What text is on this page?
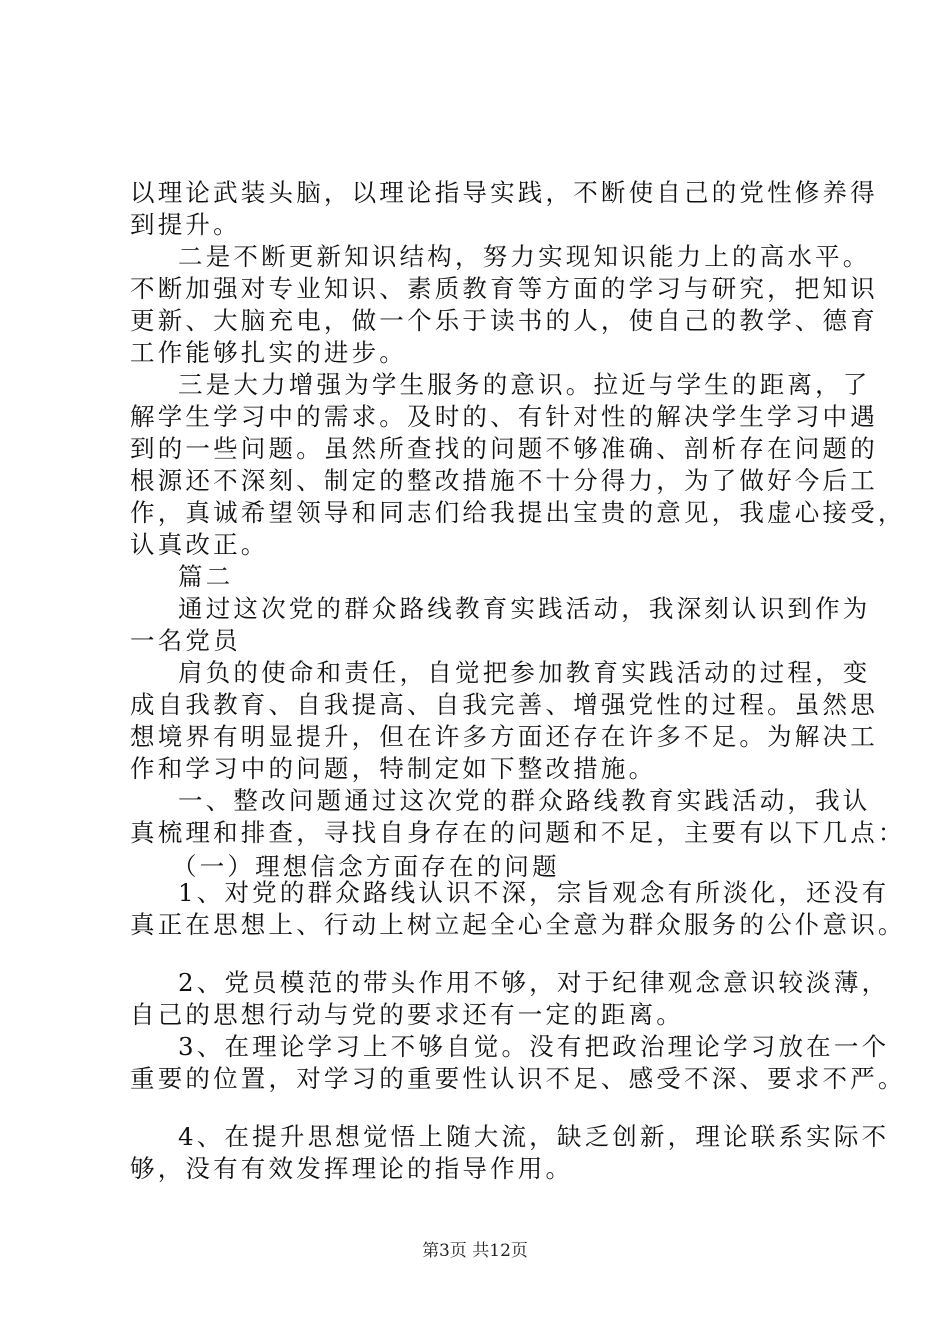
以理论武装头脑，以理论指导实践，不断使自己的党性修养得
到提升。
二是不断更新知识结构，努力实现知识能力上的高水平。
不断加强对专业知识、素质教育等方面的学习与研究，把知识
更新、大脑充电，做一个乐于读书的人，使自己的教学、德育
工作能够扎实的进步。
三是大力增强为学生服务的意识。拉近与学生的距离，了
解学生学习中的需求。及时的、有针对性的解决学生学习中遇
到的一些问题。虽然所查找的问题不够准确、剖析存在问题的
根源还不深刻、制定的整改措施不十分得力，为了做好今后工
作，真诚希望领导和同志们给我提出宝贵的意见，我虚心接受，
认真改正。
篇二
通过这次党的群众路线教育实践活动，我深刻认识到作为
一名党员
肩负的使命和责任，自觉把参加教育实践活动的过程，变
成自我教育、自我提高、自我完善、增强党性的过程。虽然思
想境界有明显提升，但在许多方面还存在许多不足。为解决工
作和学习中的问题，特制定如下整改措施。
一、整改问题通过这次党的群众路线教育实践活动，我认
真梳理和排查，寻找自身存在的问题和不足，主要有以下几点：
（一）理想信念方面存在的问题
1、对党的群众路线认识不深，宗旨观念有所淡化，还没有
真正在思想上、行动上树立起全心全意为群众服务的公仆意识。
2、党员模范的带头作用不够，对于纪律观念意识较淡薄，
自己的思想行动与党的要求还有一定的距离。
3、在理论学习上不够自觉。没有把政治理论学习放在一个
重要的位置，对学习的重要性认识不足、感受不深、要求不严。
4、在提升思想觉悟上随大流，缺乏创新，理论联系实际不
够，没有有效发挥理论的指导作用。
第3页 共12页
